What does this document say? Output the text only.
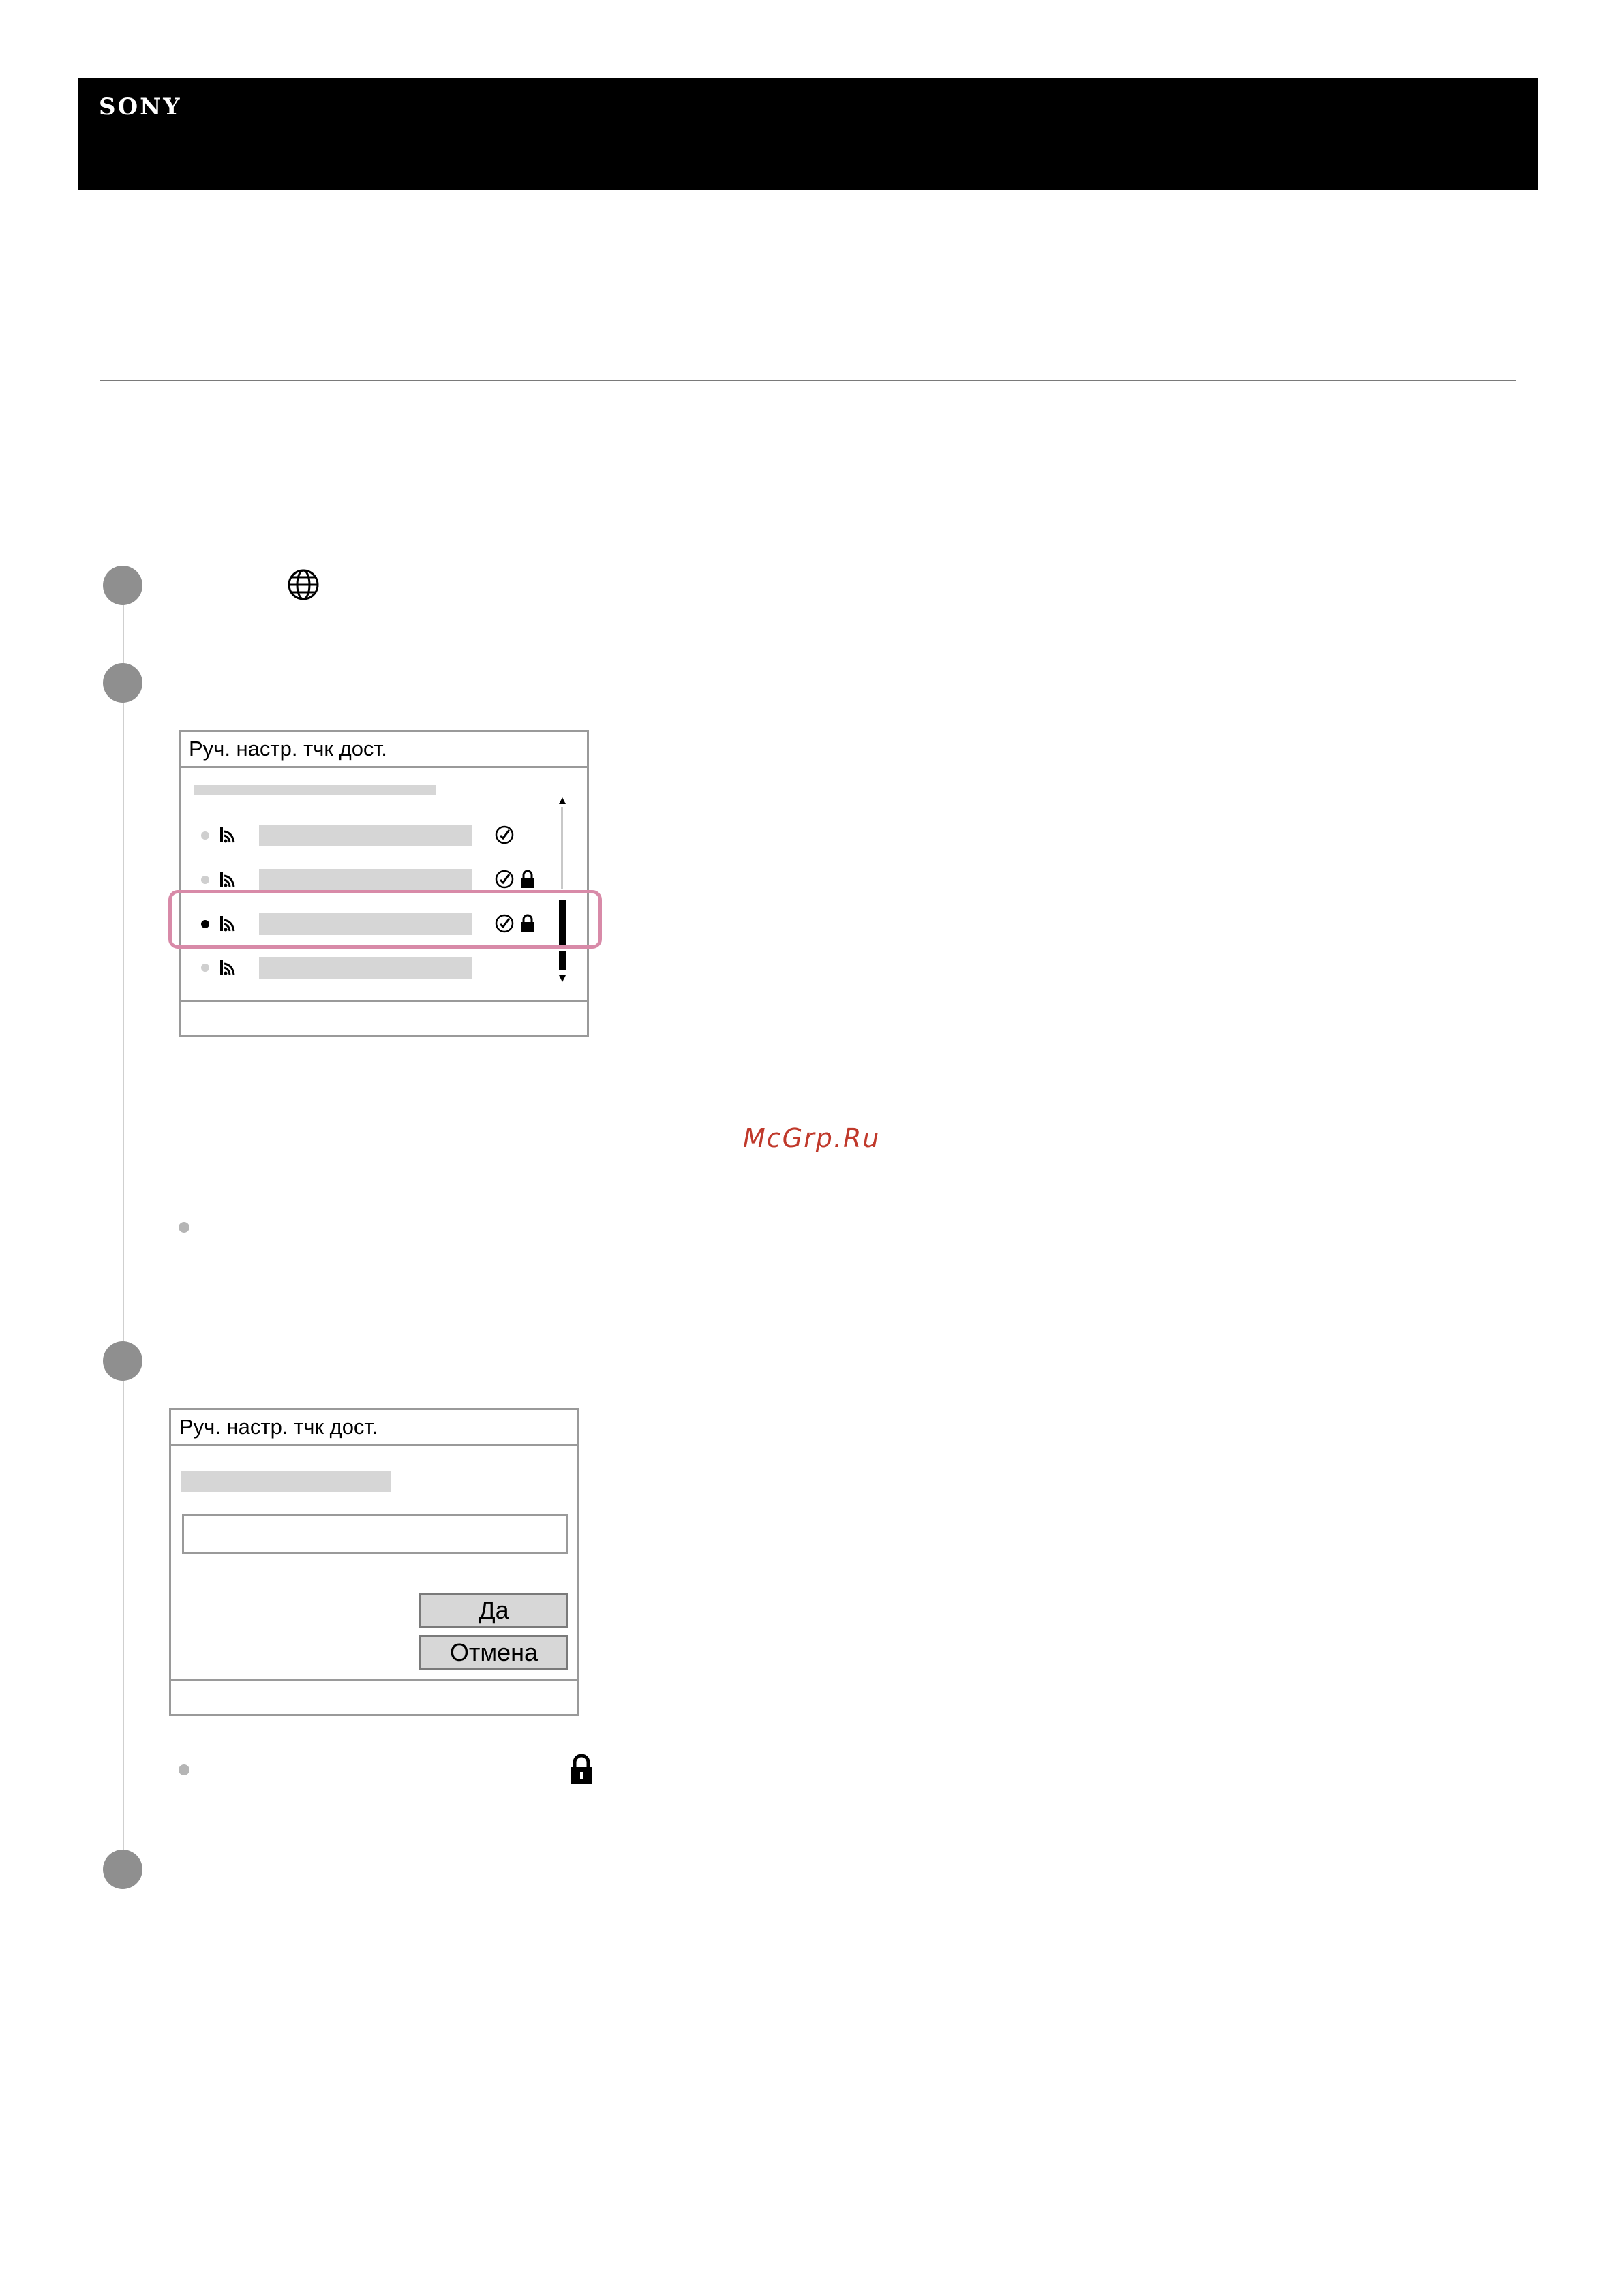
SONY
Руч. настр. тчк дост.
McGrp.Ru
Руч. настр. тчк дост.
Да
Отмена
